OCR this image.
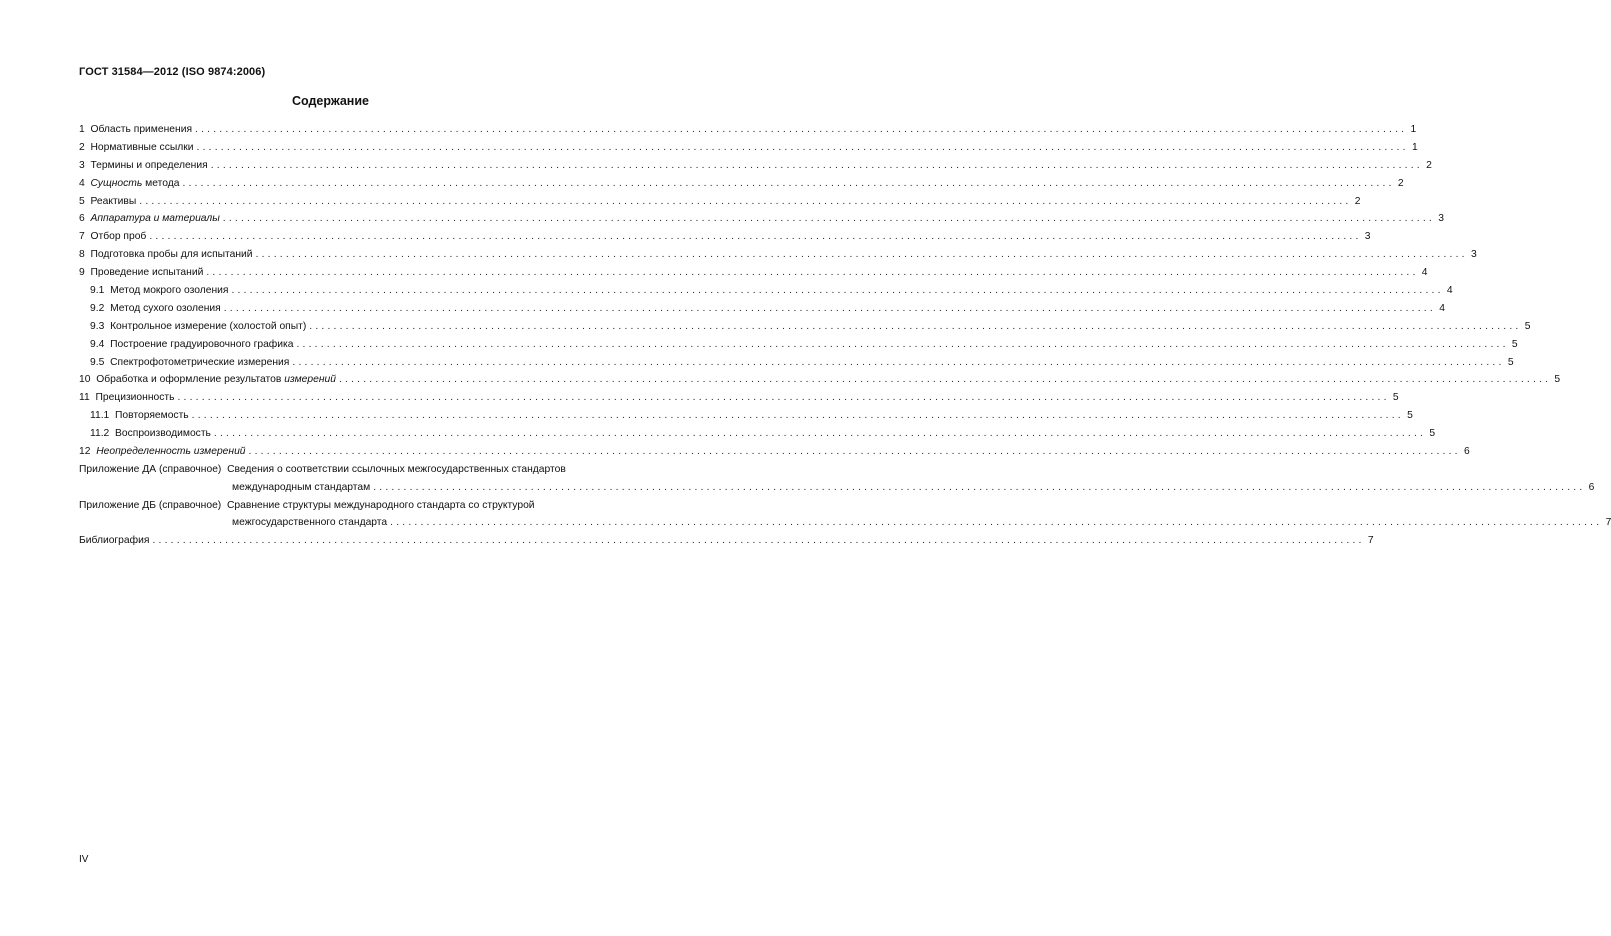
ГОСТ 31584—2012 (ISO 9874:2006)
Содержание
1 Область применения ........................................................................................................................................................................................................ 1
2 Нормативные ссылки ........................................................................................................................................................................................................ 1
3 Термины и определения ........................................................................................................................................................................................................ 2
4 Сущность метода ........................................................................................................................................................................................................ 2
5 Реактивы ........................................................................................................................................................................................................ 2
6 Аппаратура и материалы ........................................................................................................................................................................................................ 3
7 Отбор проб ........................................................................................................................................................................................................ 3
8 Подготовка пробы для испытаний ........................................................................................................................................................................................................ 3
9 Проведение испытаний ........................................................................................................................................................................................................ 4
9.1 Метод мокрого озоления ........................................................................................................................................................................................................ 4
9.2 Метод сухого озоления ........................................................................................................................................................................................................ 4
9.3 Контрольное измерение (холостой опыт) ........................................................................................................................................................................................................ 5
9.4 Построение градуировочного графика ........................................................................................................................................................................................................ 5
9.5 Спектрофотометрические измерения ........................................................................................................................................................................................................ 5
10 Обработка и оформление результатов измерений ........................................................................................................................................................................................................ 5
11 Прецизионность ........................................................................................................................................................................................................ 5
11.1 Повторяемость ........................................................................................................................................................................................................ 5
11.2 Воспроизводимость ........................................................................................................................................................................................................ 5
12 Неопределенность измерений ........................................................................................................................................................................................................ 6
Приложение ДА (справочное) Сведения о соответствии ссылочных межгосударственных стандартов
международным стандартам ........................................................................................................................................................................................................ 6
Приложение ДБ (справочное) Сравнение структуры международного стандарта со структурой
межгосударственного стандарта ........................................................................................................................................................................................................ 7
Библиография ........................................................................................................................................................................................................ 7
IV
